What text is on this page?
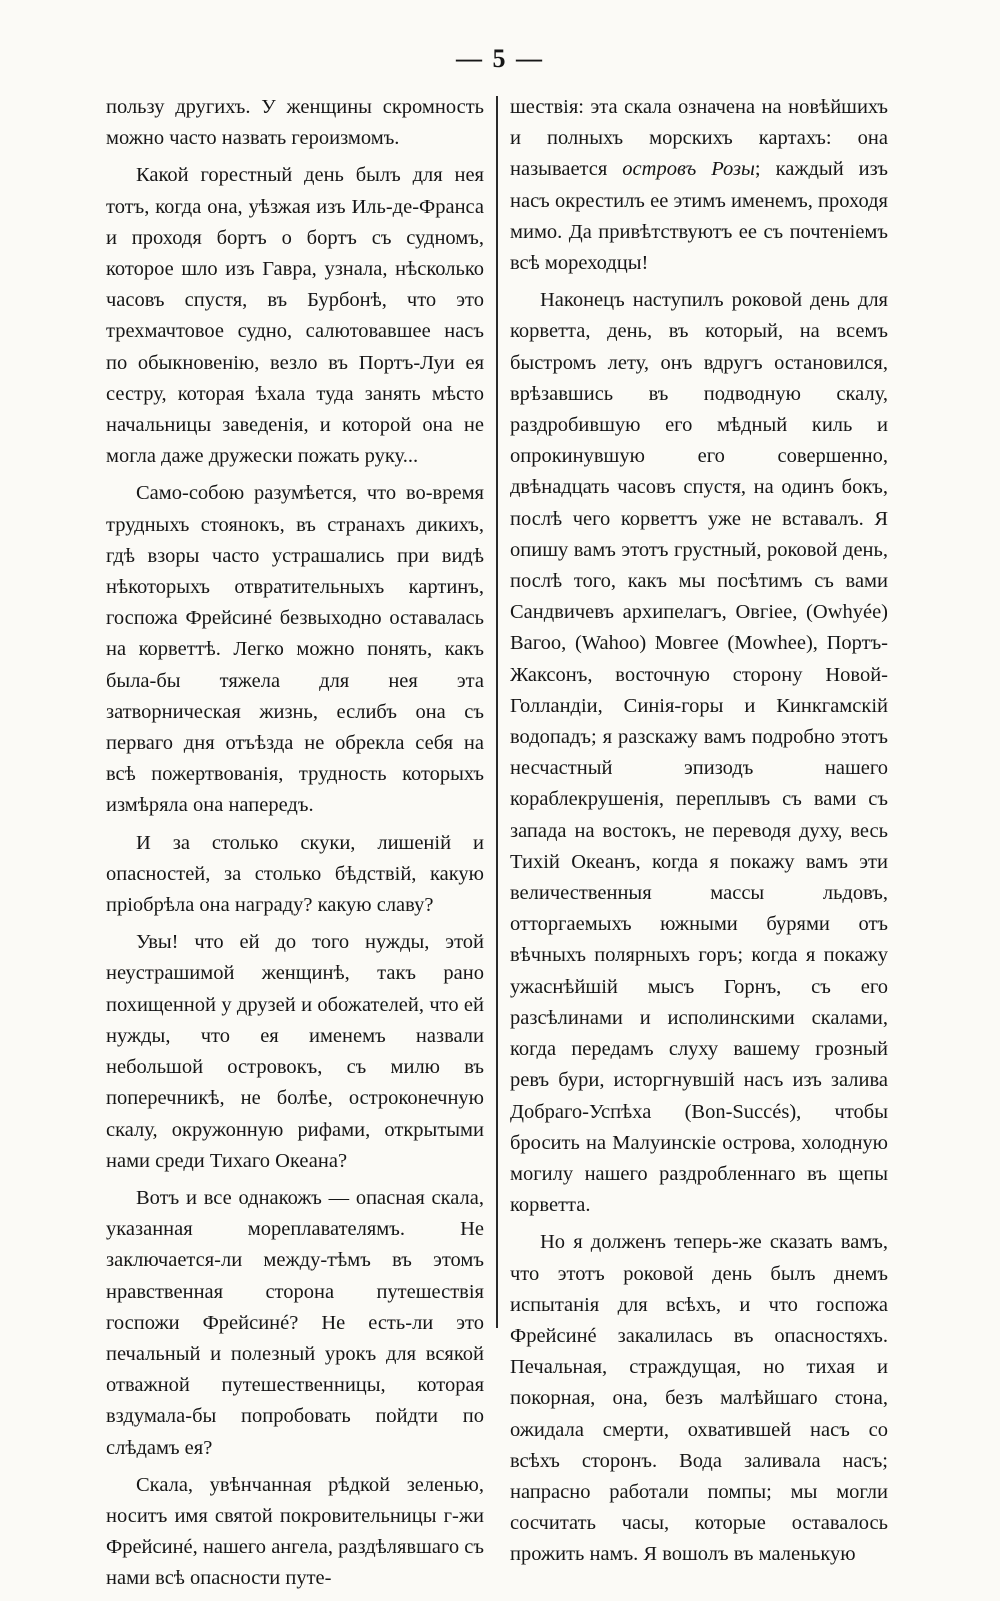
— 5 —

пользу другихъ. У женщины скромность можно часто назвать героизмомъ.

Какой горестный день былъ для нея тотъ, когда она, уѣзжая изъ Иль-де-Франса и проходя бортъ о бортъ съ судномъ, которое шло изъ Гавра, узнала, нѣсколько часовъ спустя, въ Бурбонѣ, что это трехмачтовое судно, салютовавшее насъ по обыкновенію, везло въ Портъ-Луи ея сестру, которая ѣхала туда занять мѣсто начальницы заведенія, и которой она не могла даже дружески пожать руку...

Само-собою разумѣется, что во-время трудныхъ стоянокъ, въ странахъ дикихъ, гдѣ взоры часто устрашались при видѣ нѣкоторыхъ отвратительныхъ картинъ, госпожа Фрейсинé безвыходно оставалась на корветтѣ. Легко можно понять, какъ была-бы тяжела для нея эта затворническая жизнь, еслибъ она съ перваго дня отъѣзда не обрекла себя на всѣ пожертвованія, трудность которыхъ измѣряла она напередъ.

И за столько скуки, лишеній и опасностей, за столько бѣдствій, какую пріобрѣла она награду? какую славу?

Увы! что ей до того нужды, этой неустрашимой женщинѣ, такъ рано похищенной у друзей и обожателей, что ей нужды, что ея именемъ назвали небольшой островокъ, съ милю въ поперечникѣ, не болѣе, остроконечную скалу, окружонную рифами, открытыми нами среди Тихаго Океана?

Вотъ и все однакожъ — опасная скала, указанная мореплавателямъ. Не заключается-ли между-тѣмъ въ этомъ нравственная сторона путешествія госпожи Фрейсинé? Не есть-ли это печальный и полезный урокъ для всякой отважной путешественницы, которая вздумала-бы попробовать пойдти по слѣдамъ ея?

Скала, увѣнчанная рѣдкой зеленью, носитъ имя святой покровительницы г-жи Фрейсинé, нашего ангела, раздѣлявшаго съ нами всѣ опасности путе-

шествія: эта скала означена на новѣйшихъ и полныхъ морскихъ картахъ: она называется островъ Розы; каждый изъ насъ окрестилъ ее этимъ именемъ, проходя мимо. Да привѣтствуютъ ее съ почтеніемъ всѣ мореходцы!

Наконецъ наступилъ роковой день для корветта, день, въ который, на всемъ быстромъ лету, онъ вдругъ остановился, врѣзавшись въ подводную скалу, раздробившую его мѣдный киль и опрокинувшую его совершенно, двѣнадцать часовъ спустя, на одинъ бокъ, послѣ чего корветтъ уже не вставалъ. Я опишу вамъ этотъ грустный, роковой день, послѣ того, какъ мы посѣтимъ съ вами Сандвичевъ архипелагъ, Овгiее, (Owhyée) Вагоо, (Wahoo) Мовгее (Mowhee), Портъ-Жаксонъ, восточную сторону Новой-Голландіи, Синія-горы и Кинкгамскій водопадъ; я разскажу вамъ подробно этотъ несчастный эпизодъ нашего кораблекрушенія, переплывъ съ вами съ запада на востокъ, не переводя духу, весь Тихій Океанъ, когда я покажу вамъ эти величественныя массы льдовъ, отторгаемыхъ южными бурями отъ вѣчныхъ полярныхъ горъ; когда я покажу ужаснѣйшій мысъ Горнъ, съ его разсѣлинами и исполинскими скалами, когда передамъ слуху вашему грозный ревъ бури, исторгнувшій насъ изъ залива Добраго-Успѣха (Bon-Succés), чтобы бросить на Малуинскіе острова, холодную могилу нашего раздробленнаго въ щепы корветта.

Но я долженъ теперь-же сказать вамъ, что этотъ роковой день былъ днемъ испытанія для всѣхъ, и что госпожа Фрейсинé закалилась въ опасностяхъ. Печальная, страждущая, но тихая и покорная, она, безъ малѣйшаго стона, ожидала смерти, охватившей насъ со всѣхъ сторонъ. Вода заливала насъ; напрасно работали помпы; мы могли сосчитать часы, которые оставалось прожить намъ. Я вошолъ въ маленькую
